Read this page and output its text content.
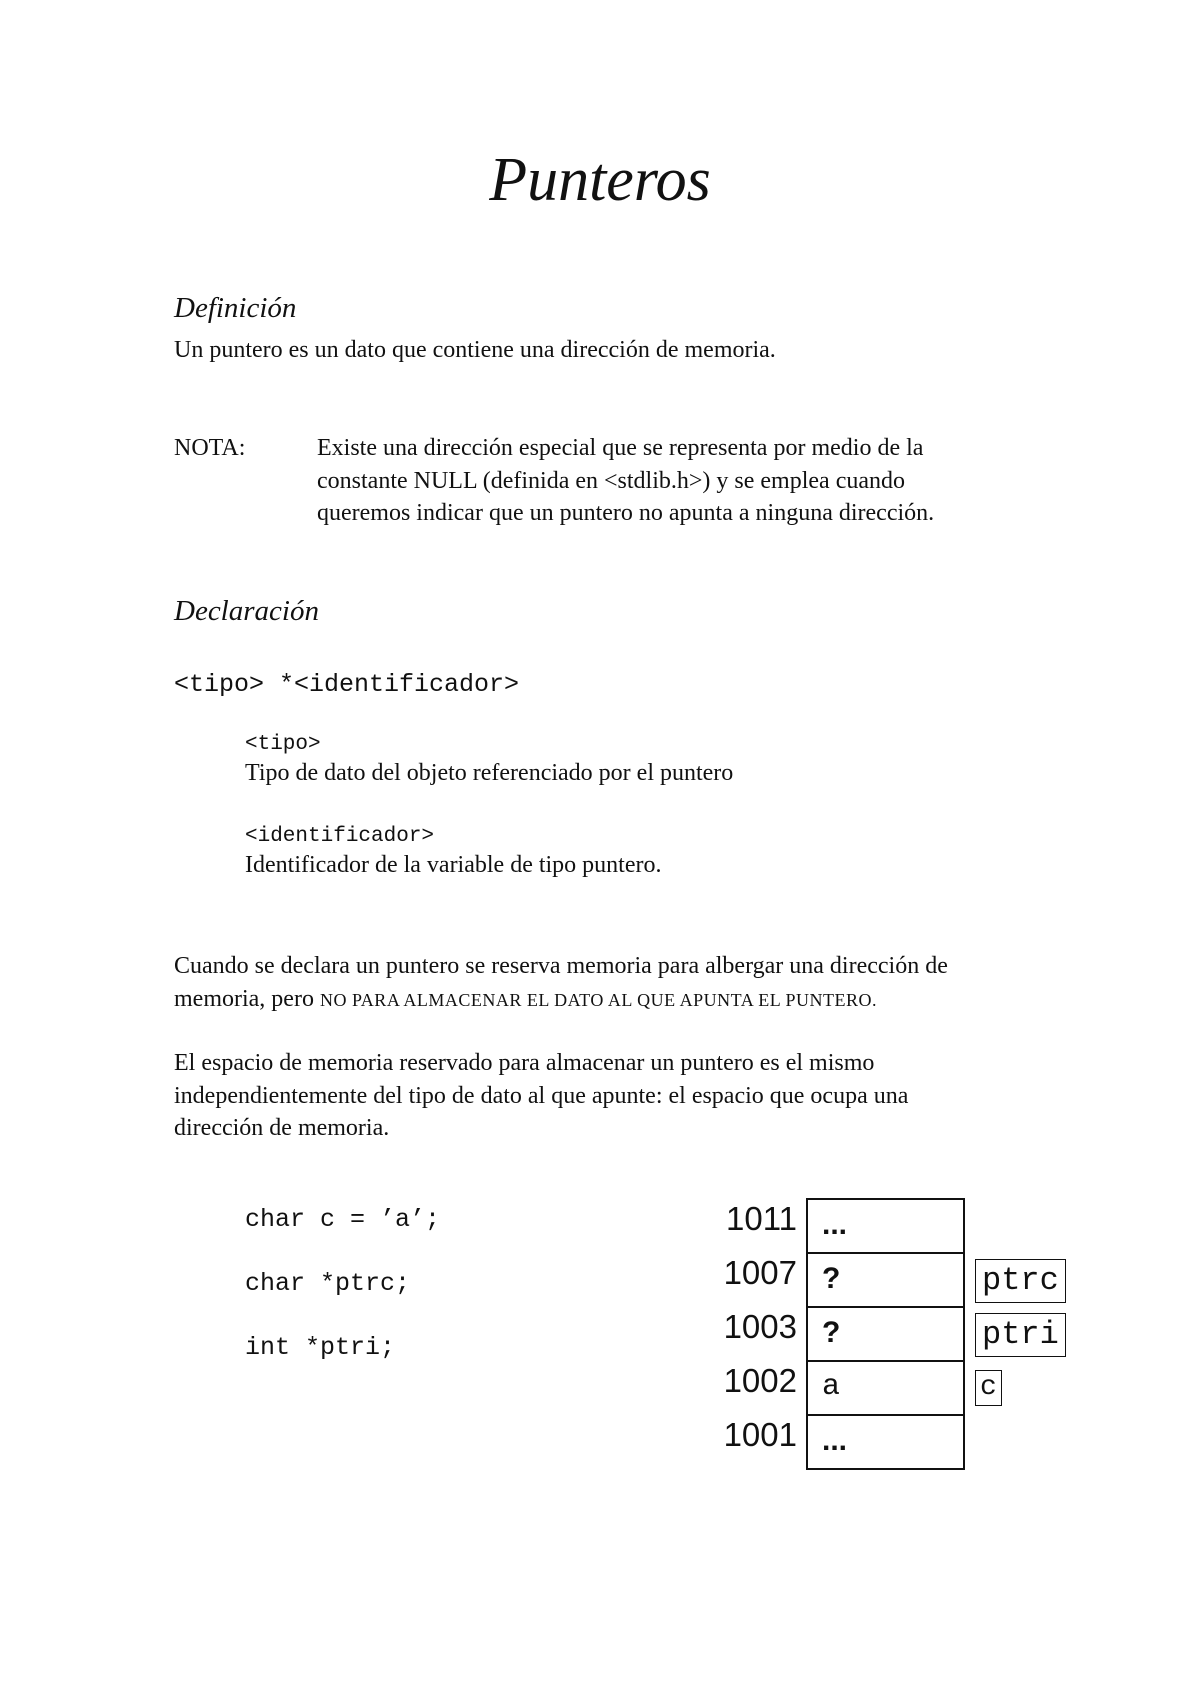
Punteros
Definición
Un puntero es un dato que contiene una dirección de memoria.
NOTA:	Existe una dirección especial que se representa por medio de la
constante NULL (definida en <stdlib.h>) y se emplea cuando
queremos indicar que un puntero no apunta a ninguna dirección.
Declaración
<tipo> *<identificador>
<tipo>
Tipo de dato del objeto referenciado por el puntero
<identificador>
Identificador de la variable de tipo puntero.
Cuando se declara un puntero se reserva memoria para albergar una dirección de
memoria, pero NO PARA ALMACENAR EL DATO AL QUE APUNTA EL PUNTERO.
El espacio de memoria reservado para almacenar un puntero es el mismo
independientemente del tipo de dato al que apunte: el espacio que ocupa una
dirección de memoria.
char c = ’a’;
char *ptrc;
int *ptri;
1011
1007
1003
1002
1001
...
?
?
a
...
ptrc
ptri
c
